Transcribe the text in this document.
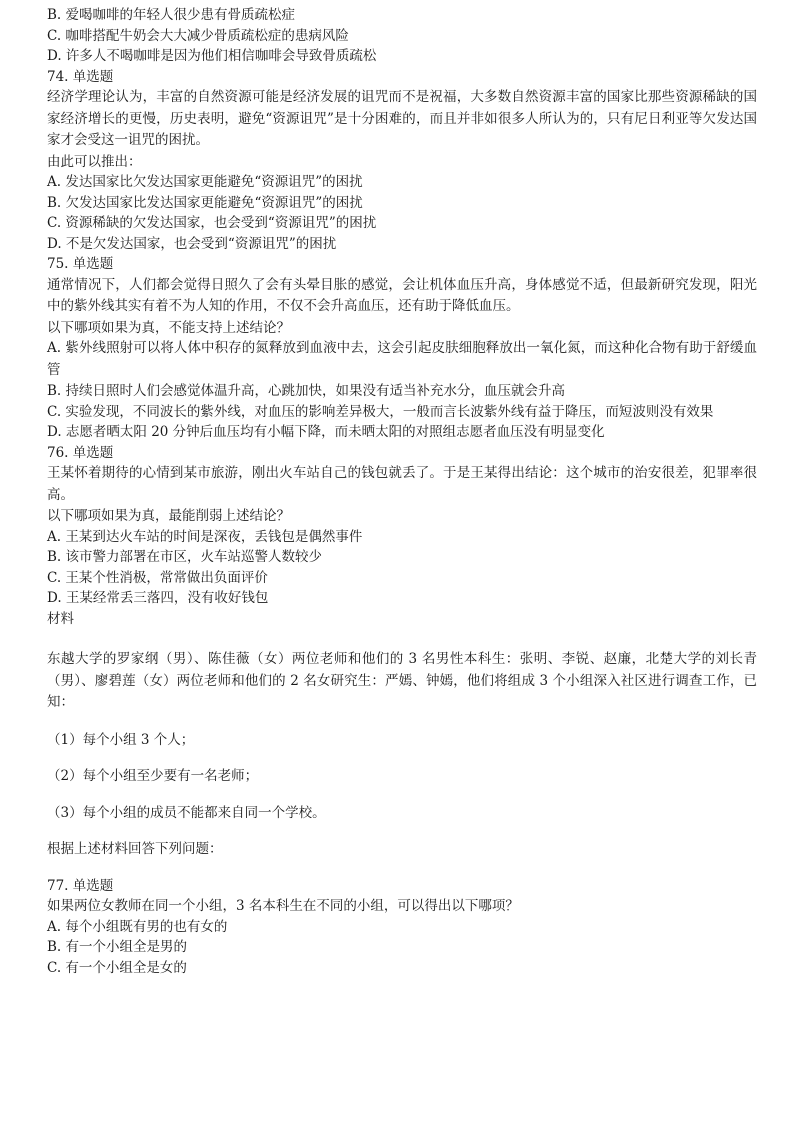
B. 爱喝咖啡的年轻人很少患有骨质疏松症
C. 咖啡搭配牛奶会大大减少骨质疏松症的患病风险
D. 许多人不喝咖啡是因为他们相信咖啡会导致骨质疏松
74. 单选题
经济学理论认为，丰富的自然资源可能是经济发展的诅咒而不是祝福，大多数自然资源丰富的国家比那些资源稀缺的国家经济增长的更慢，历史表明，避免“资源诅咒”是十分困难的，而且并非如很多人所认为的，只有尼日利亚等欠发达国家才会受这一诅咒的困扰。
由此可以推出：
A. 发达国家比欠发达国家更能避免“资源诅咒”的困扰
B. 欠发达国家比发达国家更能避免“资源诅咒”的困扰
C. 资源稀缺的欠发达国家，也会受到“资源诅咒”的困扰
D. 不是欠发达国家，也会受到“资源诅咒”的困扰
75. 单选题
通常情况下，人们都会觉得日照久了会有头晕目胀的感觉，会让机体血压升高，身体感觉不适，但最新研究发现，阳光中的紫外线其实有着不为人知的作用，不仅不会升高血压，还有助于降低血压。
以下哪项如果为真，不能支持上述结论？
A. 紫外线照射可以将人体中积存的氮释放到血液中去，这会引起皮肤细胞释放出一氧化氮，而这种化合物有助于舒缓血管
B. 持续日照时人们会感觉体温升高，心跳加快，如果没有适当补充水分，血压就会升高
C. 实验发现，不同波长的紫外线，对血压的影响差异极大，一般而言长波紫外线有益于降压，而短波则没有效果
D. 志愿者晒太阳 20 分钟后血压均有小幅下降，而未晒太阳的对照组志愿者血压没有明显变化
76. 单选题
王某怀着期待的心情到某市旅游，刚出火车站自己的钱包就丢了。于是王某得出结论：这个城市的治安很差，犯罪率很高。
以下哪项如果为真，最能削弱上述结论？
A. 王某到达火车站的时间是深夜，丢钱包是偶然事件
B. 该市警力部署在市区，火车站巡警人数较少
C. 王某个性消极，常常做出负面评价
D. 王某经常丢三落四，没有收好钱包
材料
东越大学的罗家纲（男）、陈佳薇（女）两位老师和他们的 3 名男性本科生：张明、李锐、赵廉，北楚大学的刘长青（男）、廖碧莲（女）两位老师和他们的 2 名女研究生：严嫣、钟嫣，他们将组成 3 个小组深入社区进行调查工作，已知：
（1）每个小组 3 个人；
（2）每个小组至少要有一名老师；
（3）每个小组的成员不能都来自同一个学校。
根据上述材料回答下列问题：
77. 单选题
如果两位女教师在同一个小组，3 名本科生在不同的小组，可以得出以下哪项？
A. 每个小组既有男的也有女的
B. 有一个小组全是男的
C. 有一个小组全是女的
